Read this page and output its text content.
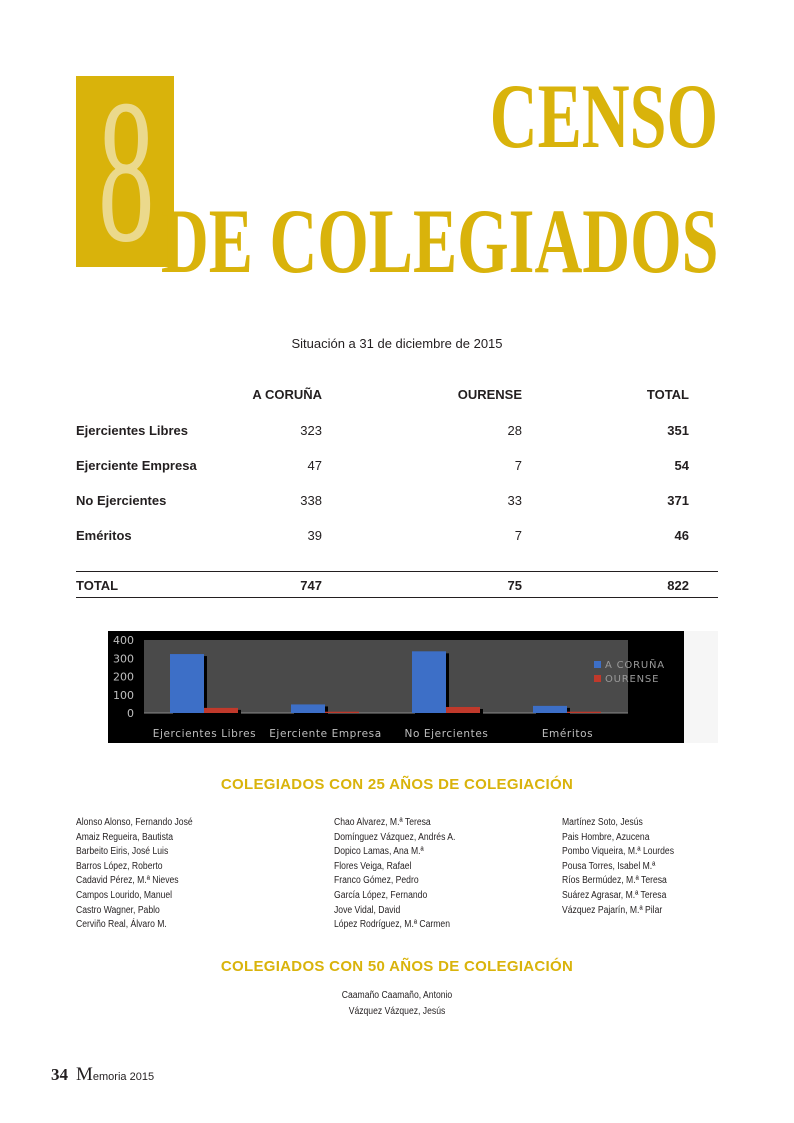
8	CENSO
DE COLEGIADOS
Situación a 31 de diciembre de 2015
A CORUÑA	OURENSE	TOTAL
Ejercientes Libres	323	28	351
Ejerciente Empresa	47	7	54
No Ejercientes	338	33	371
Eméritos	39	7	46
TOTAL	747	75	822
0
100
200
300
400
Ejercientes Libres Ejerciente Empresa No Ejercientes	Eméritos
A CORUÑA
OURENSE
COLEGIADOS CON 25 AÑOS DE COLEGIACIÓN
Alonso Alonso, Fernando José
Amaiz Regueira, Bautista
Barbeito Eiris, José Luis
Barros López, Roberto
Cadavid Pérez, M.ª Nieves
Campos Lourido, Manuel
Castro Wagner, Pablo
Cerviño Real, Álvaro M.
Chao Alvarez, M.ª Teresa
Domínguez Vázquez, Andrés A.
Dopico Lamas, Ana M.ª
Flores Veiga, Rafael
Franco Gómez, Pedro
García López, Fernando
Jove Vidal, David
López Rodríguez, M.ª Carmen
Martínez Soto, Jesús
Pais Hombre, Azucena
Pombo Viqueira, M.ª Lourdes
Pousa Torres, Isabel M.ª
Ríos Bermúdez, M.ª Teresa
Suárez Agrasar, M.ª Teresa
Vázquez Pajarín, M.ª Pilar
COLEGIADOS CON 50 AÑOS DE COLEGIACIÓN
Caamaño Caamaño, Antonio
Vázquez Vázquez, Jesús
34 Memoria 2015
